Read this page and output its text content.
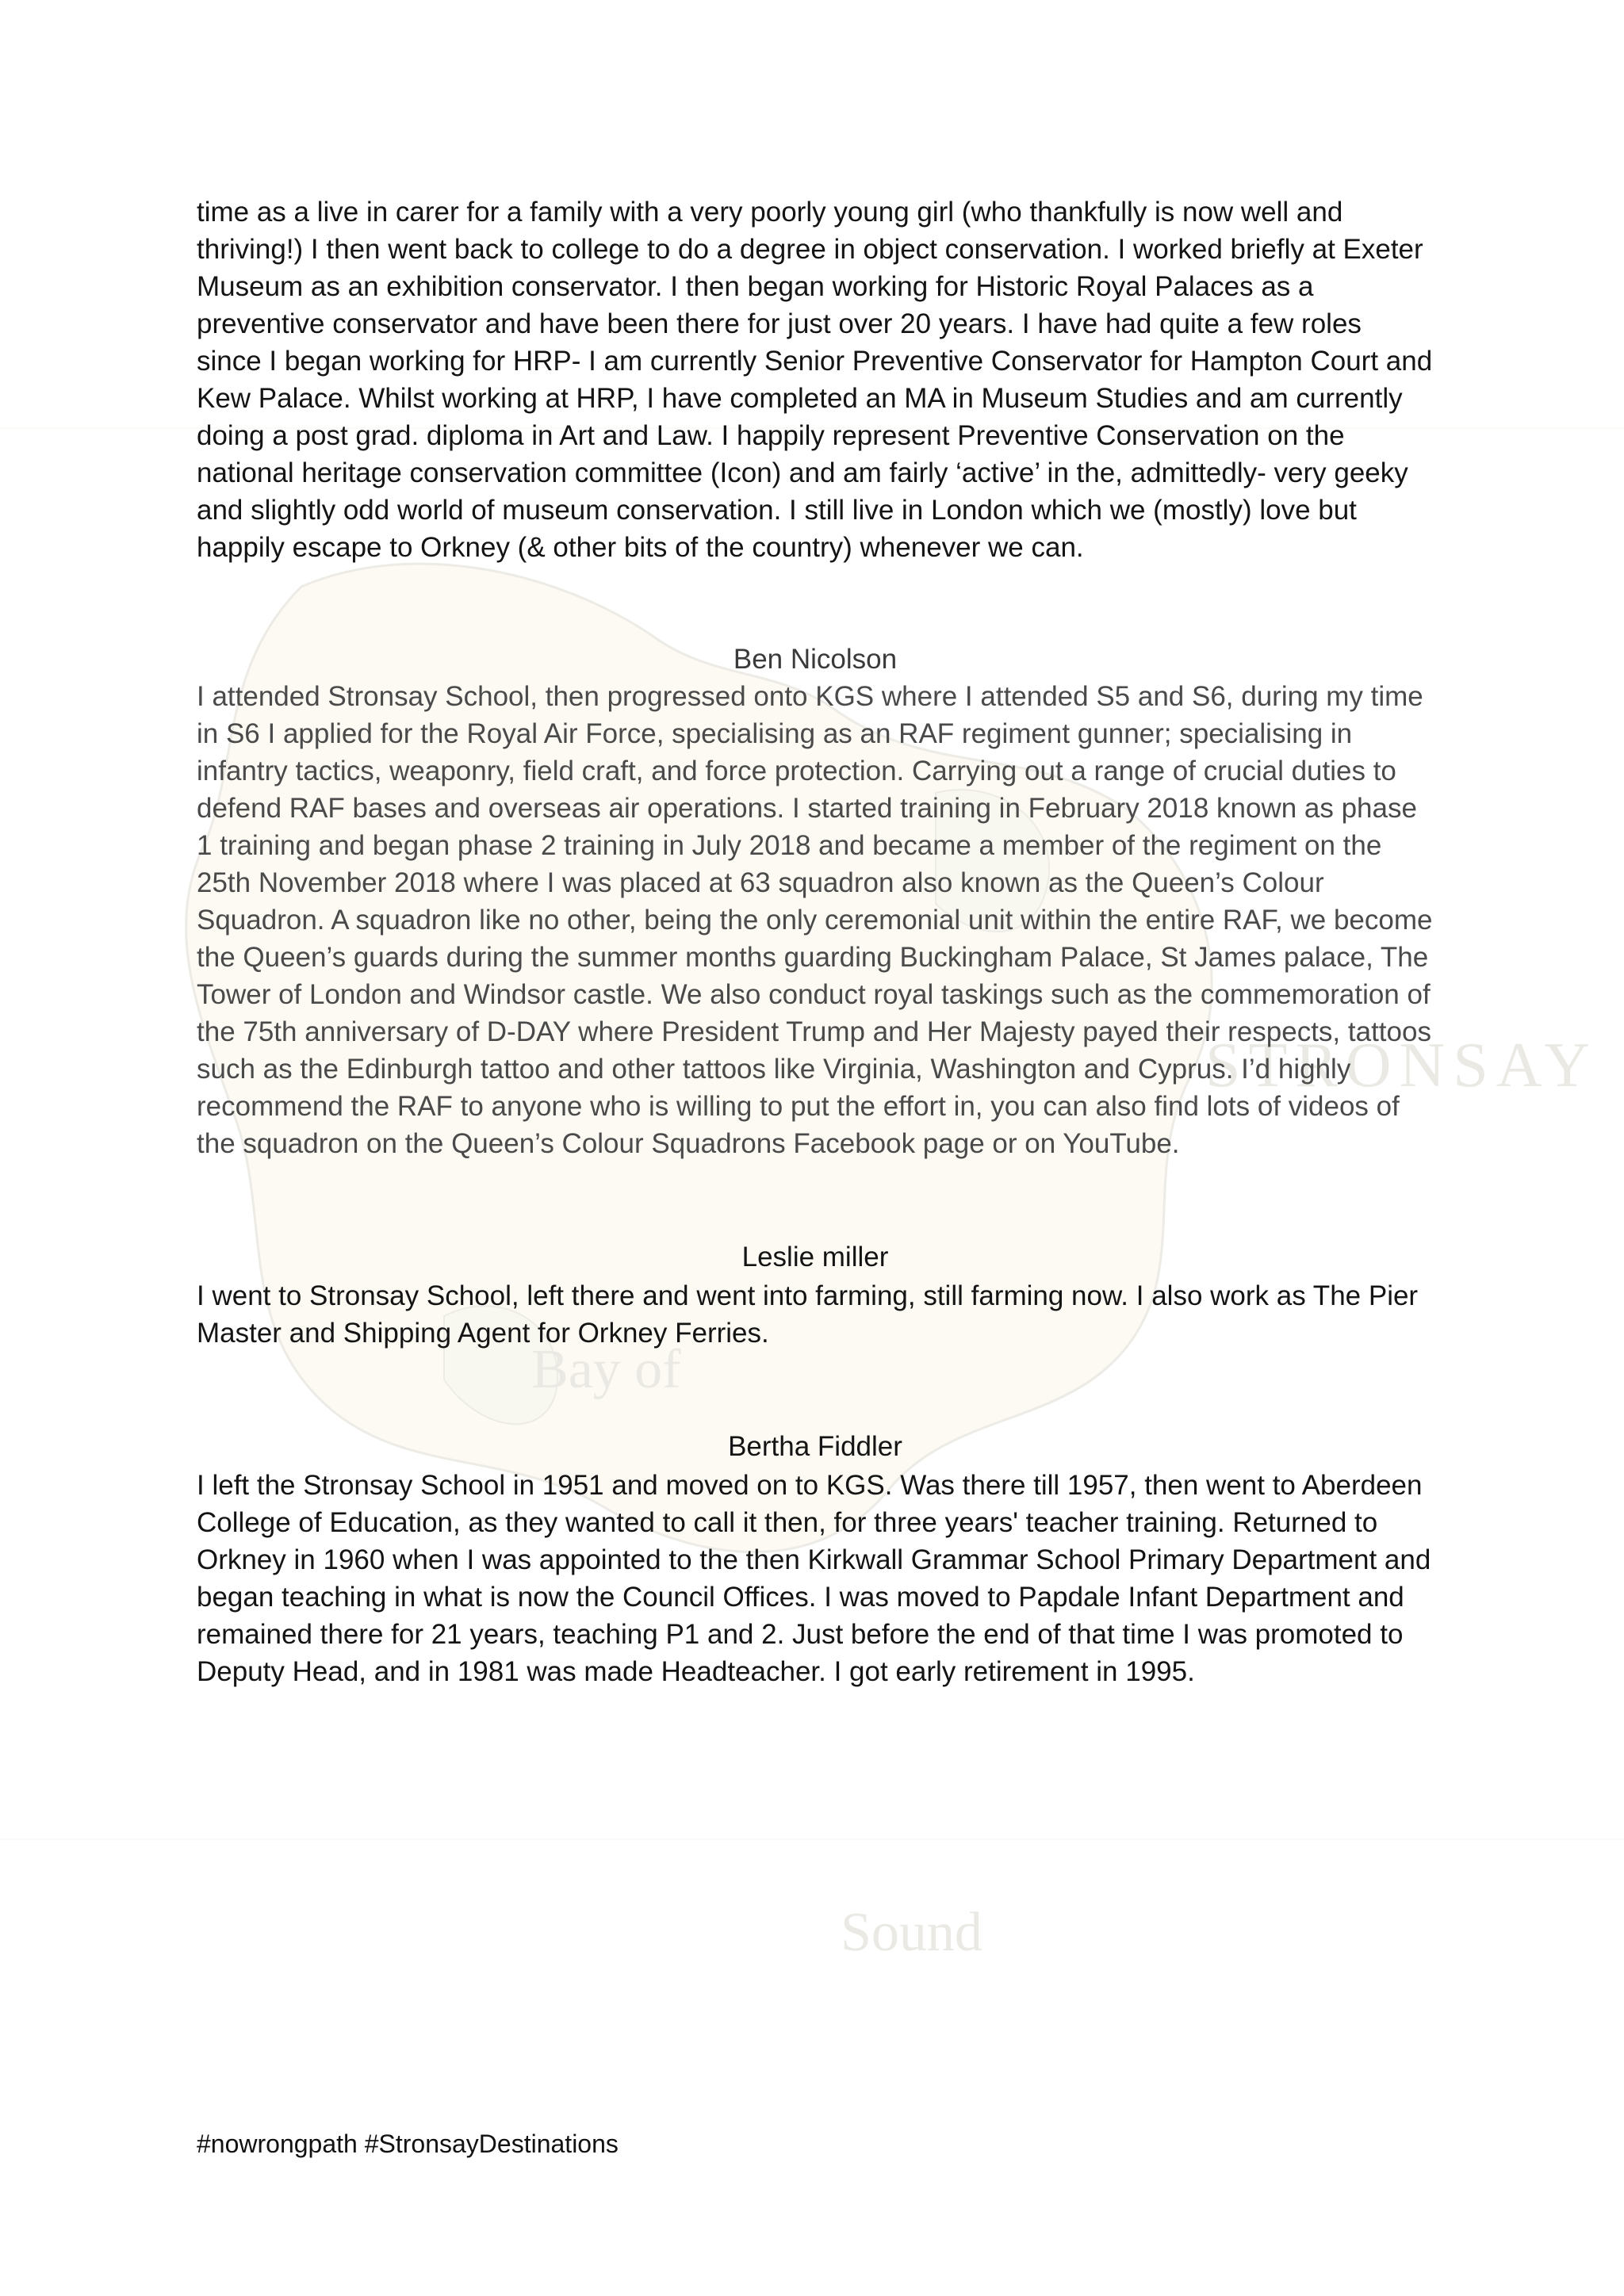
Bay of
STRONSAY
Sound

time as a live in carer for a family with a very poorly young girl (who thankfully is now well and thriving!) I then went back to college to do a degree in object conservation. I worked briefly at Exeter Museum as an exhibition conservator. I then began working for Historic Royal Palaces as a preventive conservator and have been there for just over 20 years. I have had quite a few roles since I began working for HRP- I am currently Senior Preventive Conservator for Hampton Court and Kew Palace. Whilst working at HRP, I have completed an MA in Museum Studies and am currently doing a post grad. diploma in Art and Law. I happily represent Preventive Conservation on the national heritage conservation committee (Icon) and am fairly ‘active’ in the, admittedly- very geeky and slightly odd world of museum conservation. I still live in London which we (mostly) love but happily escape to Orkney (& other bits of the country) whenever we can.

Ben Nicolson

I attended Stronsay School, then progressed onto KGS where I attended S5 and S6, during my time in S6 I applied for the Royal Air Force, specialising as an RAF regiment gunner; specialising in infantry tactics, weaponry, field craft, and force protection. Carrying out a range of crucial duties to defend RAF bases and overseas air operations. I started training in February 2018 known as phase 1 training and began phase 2 training in July 2018 and became a member of the regiment on the 25th November 2018 where I was placed at 63 squadron also known as the Queen’s Colour Squadron. A squadron like no other, being the only ceremonial unit within the entire RAF, we become the Queen’s guards during the summer months guarding Buckingham Palace, St James palace, The Tower of London and Windsor castle. We also conduct royal taskings such as the commemoration of the 75th anniversary of D-DAY where President Trump and Her Majesty payed their respects, tattoos such as the Edinburgh tattoo and other tattoos like Virginia, Washington and Cyprus. I’d highly recommend the RAF to anyone who is willing to put the effort in, you can also find lots of videos of the squadron on the Queen’s Colour Squadrons Facebook page or on YouTube.

Leslie miller

I went to Stronsay School, left there and went into farming, still farming now. I also work as The Pier Master and Shipping Agent for Orkney Ferries.

Bertha Fiddler

I left the Stronsay School in 1951 and moved on to KGS. Was there till 1957, then went to Aberdeen College of Education, as they wanted to call it then, for three years' teacher training. Returned to Orkney in 1960 when I was appointed to the then Kirkwall Grammar School Primary Department and began teaching in what is now the Council Offices. I was moved to Papdale Infant Department and remained there for 21 years, teaching P1 and 2. Just before the end of that time I was promoted to Deputy Head, and in 1981 was made Headteacher. I got early retirement in 1995.

#nowrongpath #StronsayDestinations
